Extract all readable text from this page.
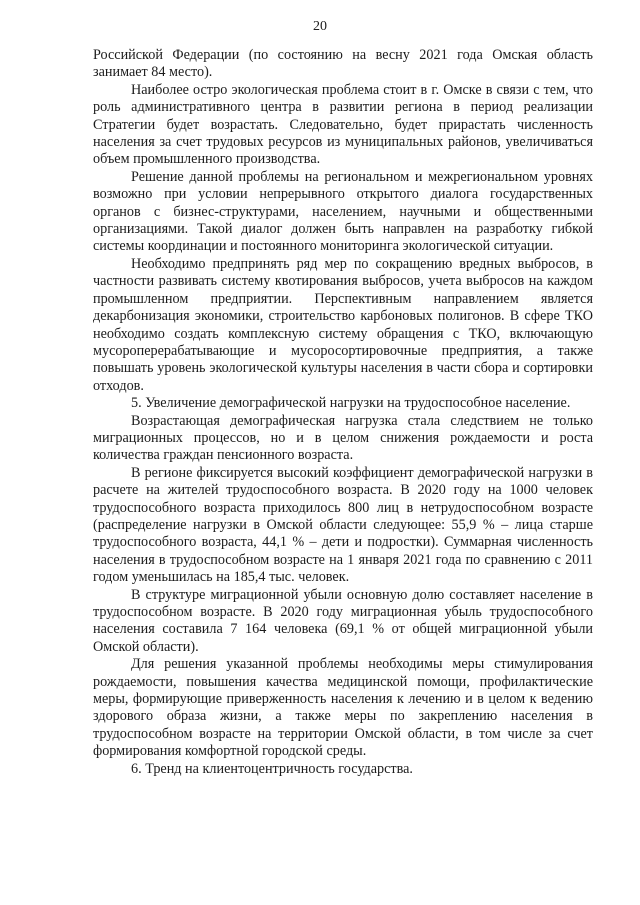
20

Российской Федерации (по состоянию на весну 2021 года Омская область занимает 84 место).

Наиболее остро экологическая проблема стоит в г. Омске в связи с тем, что роль административного центра в развитии региона в период реализации Стратегии будет возрастать. Следовательно, будет прирастать численность населения за счет трудовых ресурсов из муниципальных районов, увеличиваться объем промышленного производства.

Решение данной проблемы на региональном и межрегиональном уровнях возможно при условии непрерывного открытого диалога государственных органов с бизнес-структурами, населением, научными и общественными организациями. Такой диалог должен быть направлен на разработку гибкой системы координации и постоянного мониторинга экологической ситуации.

Необходимо предпринять ряд мер по сокращению вредных выбросов, в частности развивать систему квотирования выбросов, учета выбросов на каждом промышленном предприятии. Перспективным направлением является декарбонизация экономики, строительство карбоновых полигонов. В сфере ТКО необходимо создать комплексную систему обращения с ТКО, включающую мусороперерабатывающие и мусоросортировочные предприятия, а также повышать уровень экологической культуры населения в части сбора и сортировки отходов.

5. Увеличение демографической нагрузки на трудоспособное население.

Возрастающая демографическая нагрузка стала следствием не только миграционных процессов, но и в целом снижения рождаемости и роста количества граждан пенсионного возраста.

В регионе фиксируется высокий коэффициент демографической нагрузки в расчете на жителей трудоспособного возраста. В 2020 году на 1000 человек трудоспособного возраста приходилось 800 лиц в нетрудоспособном возрасте (распределение нагрузки в Омской области следующее: 55,9 % – лица старше трудоспособного возраста, 44,1 % – дети и подростки). Суммарная численность населения в трудоспособном возрасте на 1 января 2021 года по сравнению с 2011 годом уменьшилась на 185,4 тыс. человек.

В структуре миграционной убыли основную долю составляет население в трудоспособном возрасте. В 2020 году миграционная убыль трудоспособного населения составила 7 164 человека (69,1 % от общей миграционной убыли Омской области).

Для решения указанной проблемы необходимы меры стимулирования рождаемости, повышения качества медицинской помощи, профилактические меры, формирующие приверженность населения к лечению и в целом к ведению здорового образа жизни, а также меры по закреплению населения в трудоспособном возрасте на территории Омской области, в том числе за счет формирования комфортной городской среды.

6. Тренд на клиентоцентричность государства.
